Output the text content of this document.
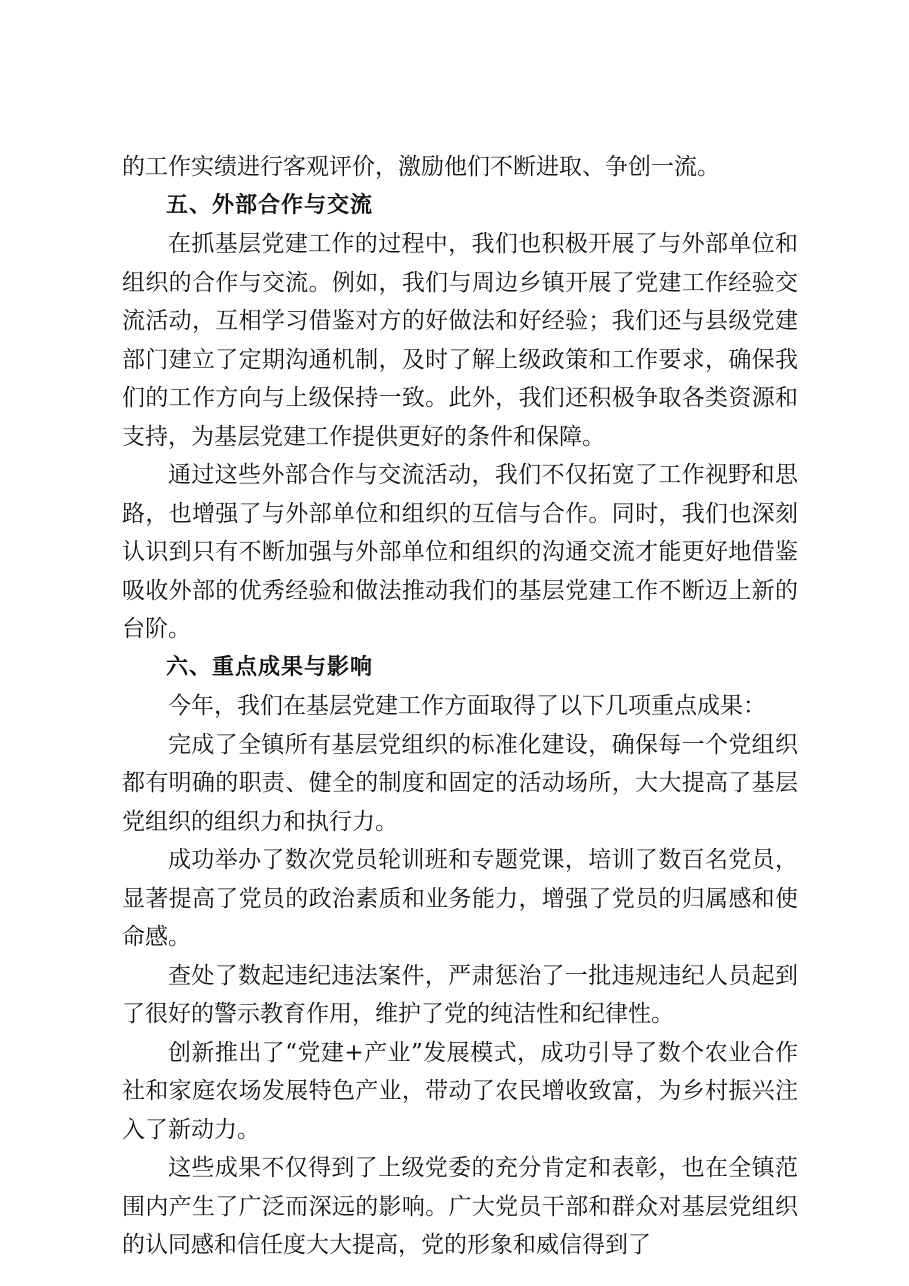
的工作实绩进行客观评价，激励他们不断进取、争创一流。

五、外部合作与交流

在抓基层党建工作的过程中，我们也积极开展了与外部单位和组织的合作与交流。例如，我们与周边乡镇开展了党建工作经验交流活动，互相学习借鉴对方的好做法和好经验；我们还与县级党建部门建立了定期沟通机制，及时了解上级政策和工作要求，确保我们的工作方向与上级保持一致。此外，我们还积极争取各类资源和支持，为基层党建工作提供更好的条件和保障。

通过这些外部合作与交流活动，我们不仅拓宽了工作视野和思路，也增强了与外部单位和组织的互信与合作。同时，我们也深刻认识到只有不断加强与外部单位和组织的沟通交流才能更好地借鉴吸收外部的优秀经验和做法推动我们的基层党建工作不断迈上新的台阶。

六、重点成果与影响

今年，我们在基层党建工作方面取得了以下几项重点成果：

完成了全镇所有基层党组织的标准化建设，确保每一个党组织都有明确的职责、健全的制度和固定的活动场所，大大提高了基层党组织的组织力和执行力。

成功举办了数次党员轮训班和专题党课，培训了数百名党员，显著提高了党员的政治素质和业务能力，增强了党员的归属感和使命感。

查处了数起违纪违法案件，严肃惩治了一批违规违纪人员起到了很好的警示教育作用，维护了党的纯洁性和纪律性。

创新推出了“党建+产业”发展模式，成功引导了数个农业合作社和家庭农场发展特色产业，带动了农民增收致富，为乡村振兴注入了新动力。

这些成果不仅得到了上级党委的充分肯定和表彰，也在全镇范围内产生了广泛而深远的影响。广大党员干部和群众对基层党组织的认同感和信任度大大提高，党的形象和威信得到了
